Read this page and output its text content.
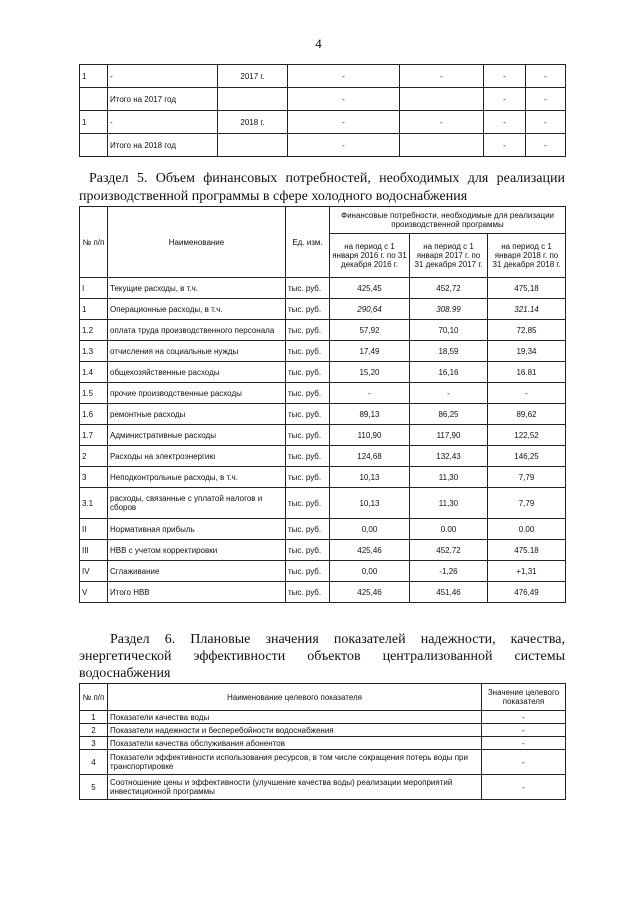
4
1	-	2017 г.	-	-	-	-
	Итого на 2017 год		-		-	-
1	-	2018 г.	-	-	-	-
	Итого на 2018 год		-		-	-
Раздел 5. Объем финансовых потребностей, необходимых для реализации
производственной программы в сфере холодного водоснабжения
№ п/п	Наименование	Ед. изм.	Финансовые потребности, необходимые для реализации производственной программы		
			на период с 1 января 2016 г. по 31 декабря 2016 г.	на период с 1 января 2017 г. по 31 декабря 2017 г.	на период с 1 января 2018 г. по 31 декабря 2018 г.
I	Текущие расходы, в т.ч.	тыс. руб.	425,45	452,72	475,18
1	Операционные расходы, в т.ч.	тыс. руб.	290,64	308.99	321.14
1.2	оплата труда производственного персонала	тыс. руб.	57,92	70,10	72,85
1.3	отчисления на социальные нужды	тыс. руб.	17,49	18,59	19,34
1.4	общехозяйственные расходы	тыс. руб.	15,20	16,16	16.81
1.5	прочие производственные расходы	тыс. руб.	-	-	-
1.6	ремонтные расходы	тыс. руб.	89,13	86,25	89,62
1.7	Административные расходы	тыс. руб.	110,90	117,90	122,52
2	Расходы на электроэнергию	тыс. руб.	124,68	132,43	146,25
3	Неподконтрольные расходы, в т.ч.	тыс. руб.	10,13	11,30	7,79
3.1	расходы, связанные с уплатой налогов и сборов	тыс. руб.	10,13	11,30	7,79
II	Нормативная прибыль	тыс. руб.	0,00	0.00	0.00
III	НВВ с учетом корректировки	тыс. руб.	425,46	452,72	475.18
IV	Сглаживание	тыс. руб.	0,00	-1,26	+1,31
V	Итого НВВ	тыс. руб.	425,46	451,46	476,49
Раздел 6. Плановые значения показателей надежности, качества,
энергетической эффективности объектов централизованной системы
водоснабжения
№ п/п	Наименование целевого показателя	Значение целевого показателя
1	Показатели качества воды	-
2	Показатели надежности и бесперебойности водоснабжения	-
3	Показатели качества обслуживания абонентов	-
4	Показатели эффективности использования ресурсов, в том числе сокращения потерь воды при транспортировке	-
5	Соотношение цены и эффективности (улучшение качества воды) реализации мероприятий инвестиционной программы	-
